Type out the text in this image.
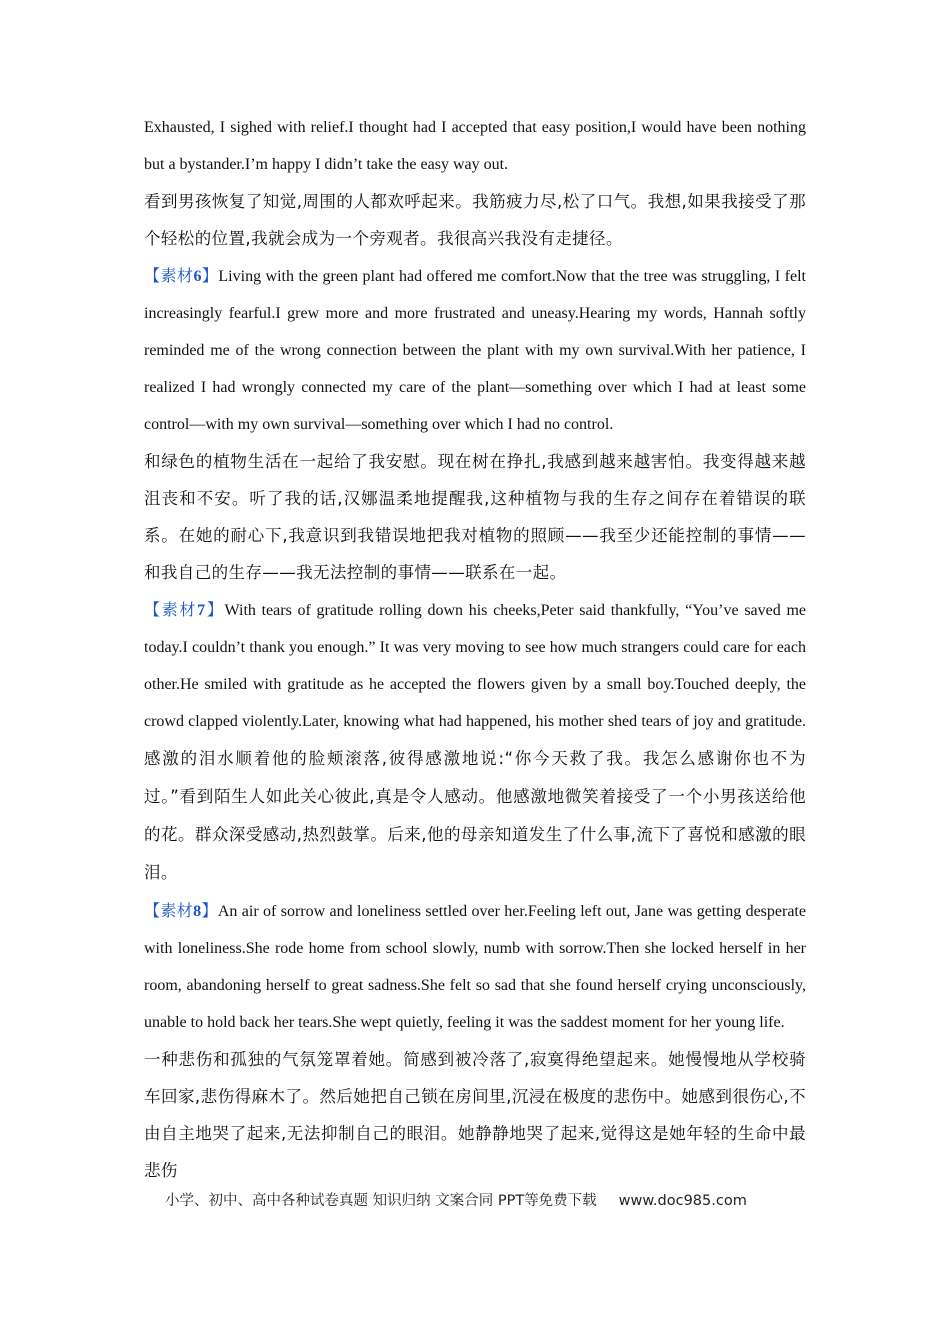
Exhausted, I sighed with relief.I thought had I accepted that easy position,I would have been nothing but a bystander.I’m happy I didn’t take the easy way out.

看到男孩恢复了知觉,周围的人都欢呼起来。我筋疲力尽,松了口气。我想,如果我接受了那个轻松的位置,我就会成为一个旁观者。我很高兴我没有走捷径。

【素材6】Living with the green plant had offered me comfort.Now that the tree was struggling, I felt increasingly fearful.I grew more and more frustrated and uneasy.Hearing my words, Hannah softly reminded me of the wrong connection between the plant with my own survival.With her patience, I realized I had wrongly connected my care of the plant—something over which I had at least some control—with my own survival—something over which I had no control.

和绿色的植物生活在一起给了我安慰。现在树在挣扎,我感到越来越害怕。我变得越来越沮丧和不安。听了我的话,汉娜温柔地提醒我,这种植物与我的生存之间存在着错误的联系。在她的耐心下,我意识到我错误地把我对植物的照顾——我至少还能控制的事情——和我自己的生存——我无法控制的事情——联系在一起。

【素材7】With tears of gratitude rolling down his cheeks,Peter said thankfully, “You’ve saved me today.I couldn’t thank you enough.” It was very moving to see how much strangers could care for each other.He smiled with gratitude as he accepted the flowers given by a small boy.Touched deeply, the crowd clapped violently.Later, knowing what had happened, his mother shed tears of joy and gratitude.感激的泪水顺着他的脸颊滚落,彼得感激地说:“你今天救了我。我怎么感谢你也不为过。”看到陌生人如此关心彼此,真是令人感动。他感激地微笑着接受了一个小男孩送给他的花。群众深受感动,热烈鼓掌。后来,他的母亲知道发生了什么事,流下了喜悦和感激的眼泪。

【素材8】An air of sorrow and loneliness settled over her.Feeling left out, Jane was getting desperate with loneliness.She rode home from school slowly, numb with sorrow.Then she locked herself in her room, abandoning herself to great sadness.She felt so sad that she found herself crying unconsciously, unable to hold back her tears.She wept quietly, feeling it was the saddest moment for her young life.

一种悲伤和孤独的气氛笼罩着她。简感到被冷落了,寂寞得绝望起来。她慢慢地从学校骑车回家,悲伤得麻木了。然后她把自己锁在房间里,沉浸在极度的悲伤中。她感到很伤心,不由自主地哭了起来,无法抑制自己的眼泪。她静静地哭了起来,觉得这是她年轻的生命中最悲伤

小学、初中、高中各种试卷真题 知识归纳 文案合同 PPT等免费下载 www.doc985.com
